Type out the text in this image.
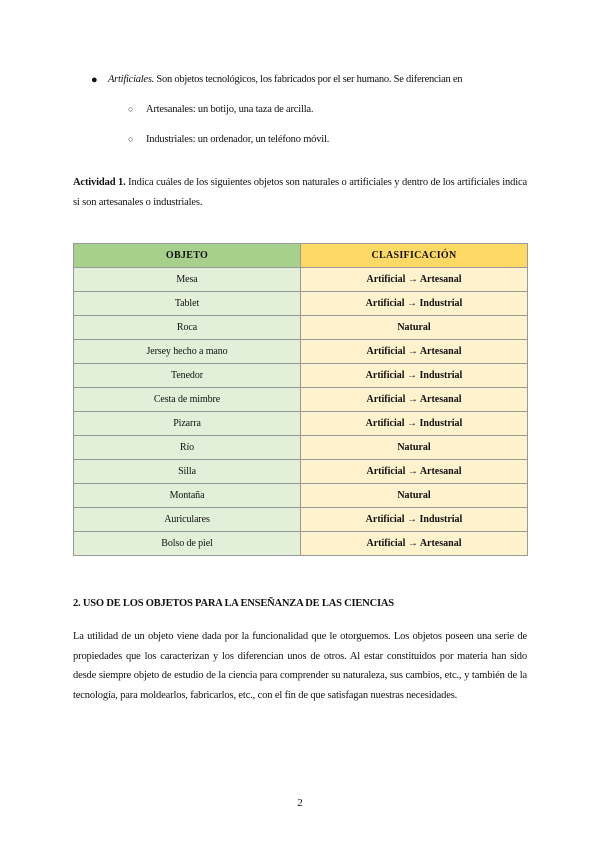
● Artificiales. Son objetos tecnológicos, los fabricados por el ser humano. Se diferencian en
○ Artesanales: un botijo, una taza de arcilla.
○ Industriales: un ordenador, un teléfono móvil.
Actividad 1. Indica cuáles de los siguientes objetos son naturales o artificiales y dentro de los artificiales indica si son artesanales o industriales.
OBJETO	CLASIFICACIÓN
Mesa	Artificial → Artesanal
Tablet	Artificial → Industrial
Roca	Natural
Jersey hecho a mano	Artificial → Artesanal
Tenedor	Artificial → Industrial
Cesta de mimbre	Artificial → Artesanal
Pizarra	Artificial → Industrial
Río	Natural
Silla	Artificial → Artesanal
Montaña	Natural
Auriculares	Artificial → Industrial
Bolso de piel	Artificial → Artesanal
2. USO DE LOS OBJETOS PARA LA ENSEÑANZA DE LAS CIENCIAS
La utilidad de un objeto viene dada por la funcionalidad que le otorguemos. Los objetos poseen una serie de propiedades que los caracterizan y los diferencian unos de otros. Al estar constituidos por materia han sido desde siempre objeto de estudio de la ciencia para comprender su naturaleza, sus cambios, etc., y también de la tecnología, para moldearlos, fabricarlos, etc., con el fin de que satisfagan nuestras necesidades.
2
